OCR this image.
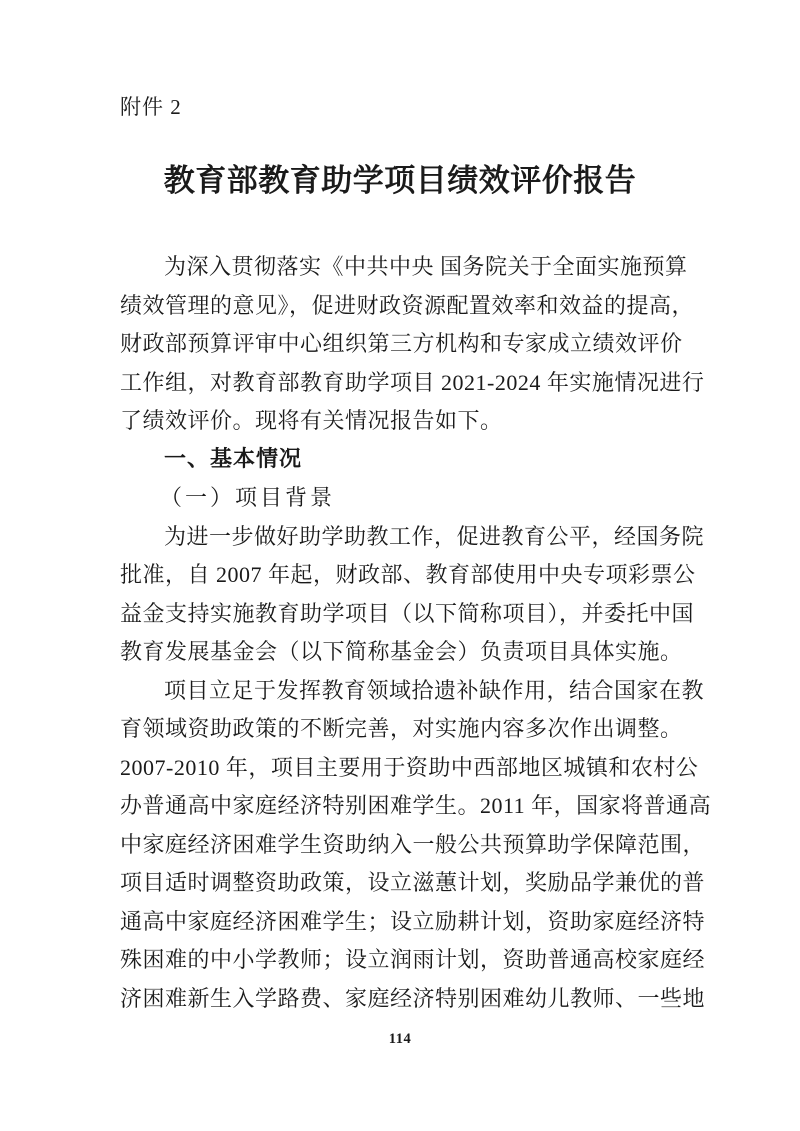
附件 2
教育部教育助学项目绩效评价报告
为深入贯彻落实《中共中央 国务院关于全面实施预算
绩效管理的意见》，促进财政资源配置效率和效益的提高，
财政部预算评审中心组织第三方机构和专家成立绩效评价
工作组，对教育部教育助学项目 2021-2024 年实施情况进行
了绩效评价。现将有关情况报告如下。
一、基本情况
（一）项目背景
为进一步做好助学助教工作，促进教育公平，经国务院
批准，自 2007 年起，财政部、教育部使用中央专项彩票公
益金支持实施教育助学项目（以下简称项目），并委托中国
教育发展基金会（以下简称基金会）负责项目具体实施。
项目立足于发挥教育领域拾遗补缺作用，结合国家在教
育领域资助政策的不断完善，对实施内容多次作出调整。
2007-2010 年，项目主要用于资助中西部地区城镇和农村公
办普通高中家庭经济特别困难学生。2011 年，国家将普通高
中家庭经济困难学生资助纳入一般公共预算助学保障范围，
项目适时调整资助政策，设立滋蕙计划，奖励品学兼优的普
通高中家庭经济困难学生；设立励耕计划，资助家庭经济特
殊困难的中小学教师；设立润雨计划，资助普通高校家庭经
济困难新生入学路费、家庭经济特别困难幼儿教师、一些地
114
